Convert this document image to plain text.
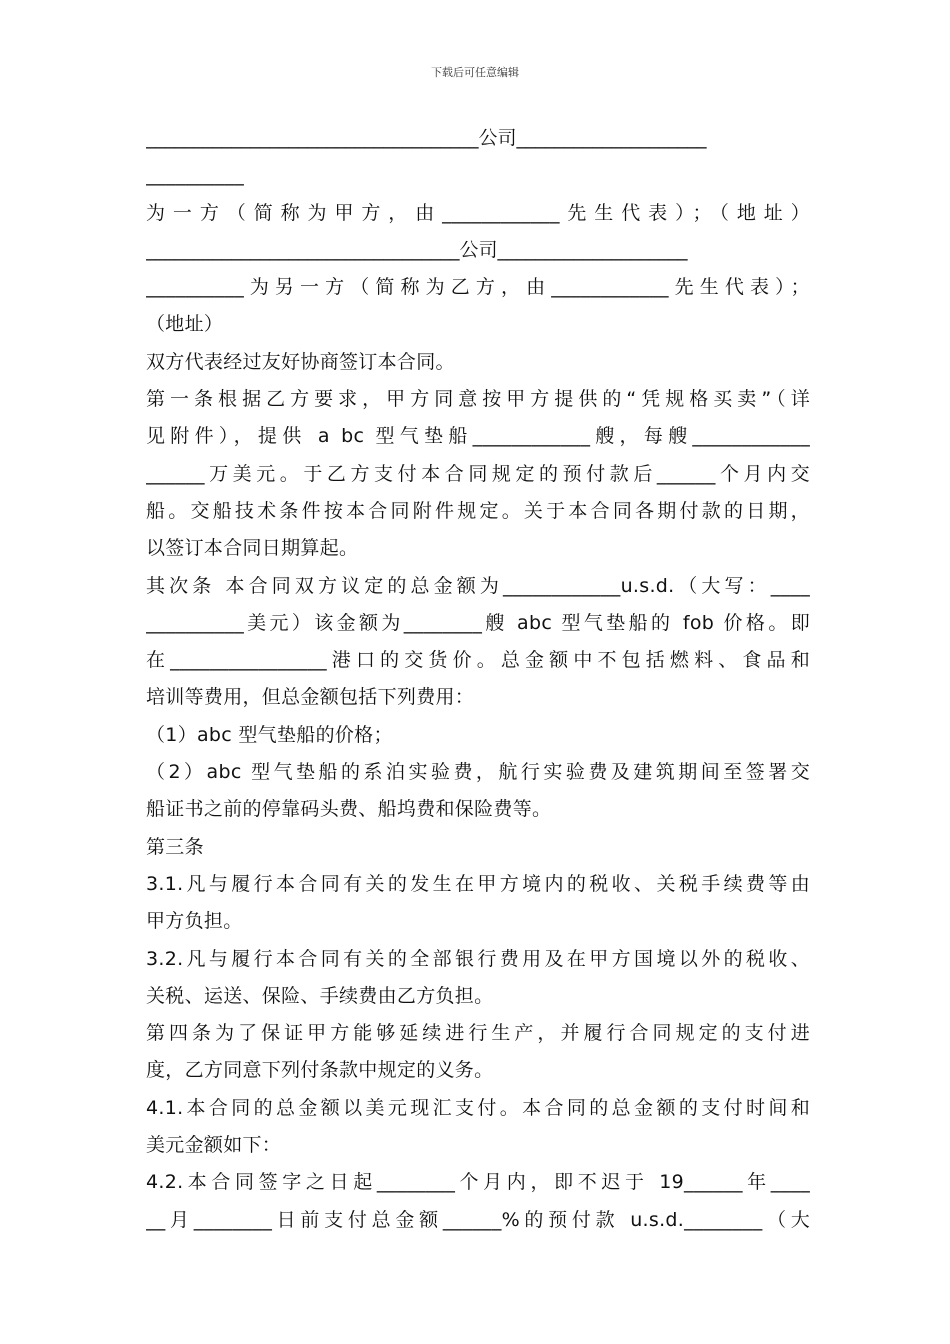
下载后可任意编辑
___________________________________公司____________________
__________
为一方（简称为甲方，由____________先生代表）；（地址）
_________________________________公司____________________
__________为另一方（简称为乙方，由____________先生代表）；
（地址）
双方代表经过友好协商签订本合同。
第一条根据乙方要求，甲方同意按甲方提供的“凭规格买卖”（详
见附件），提供 a bc 型气垫船____________艘，每艘____________
______万美元。于乙方支付本合同规定的预付款后______个月内交
船。交船技术条件按本合同附件规定。关于本合同各期付款的日期，
以签订本合同日期算起。
其次条 本合同双方议定的总金额为____________u.s.d.（大写：____
__________美元）该金额为________艘 abc 型气垫船的 fob 价格。即
在________________港口的交货价。总金额中不包括燃料、食品和
培训等费用，但总金额包括下列费用：
（1）abc 型气垫船的价格；
（2）abc 型气垫船的系泊实验费，航行实验费及建筑期间至签署交
船证书之前的停靠码头费、船坞费和保险费等。
第三条
3.1.凡与履行本合同有关的发生在甲方境内的税收、关税手续费等由
甲方负担。
3.2.凡与履行本合同有关的全部银行费用及在甲方国境以外的税收、
关税、运送、保险、手续费由乙方负担。
第四条为了保证甲方能够延续进行生产，并履行合同规定的支付进
度，乙方同意下列付条款中规定的义务。
4.1.本合同的总金额以美元现汇支付。本合同的总金额的支付时间和
美元金额如下：
4.2.本合同签字之日起________个月内，即不迟于 19______年____
__月________日前支付总金额______%的预付款 u.s.d.________（大
